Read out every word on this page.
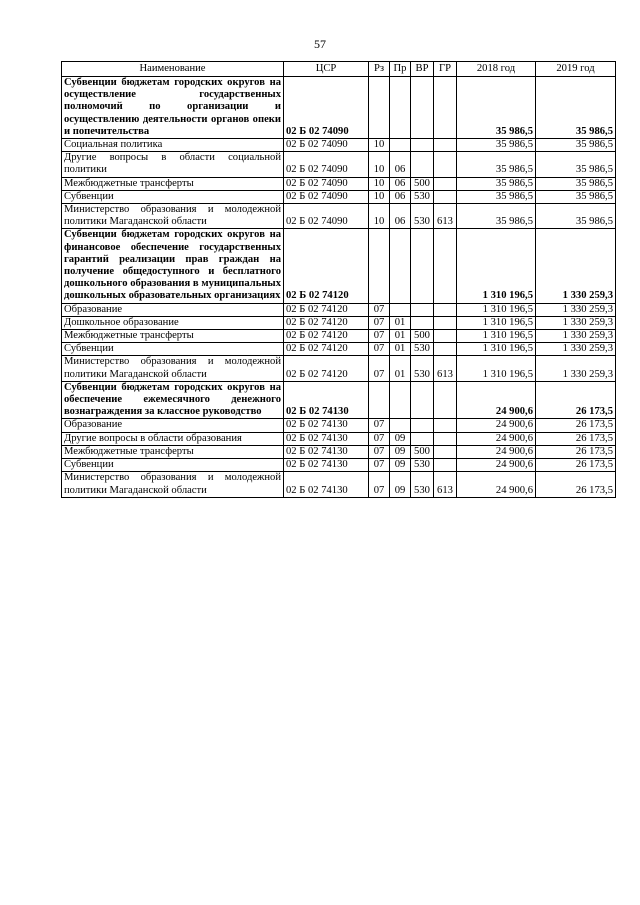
57
Наименование	ЦСР	Рз	Пр	ВР	ГР	2018 год	2019 год
Субвенции бюджетам городских округов на осуществление государственных полномочий по организации и осуществлению деятельности органов опеки и попечительства	02 Б 02 74090					35 986,5	35 986,5
Социальная политика	02 Б 02 74090	10				35 986,5	35 986,5
Другие вопросы в области социальной политики	02 Б 02 74090	10	06			35 986,5	35 986,5
Межбюджетные трансферты	02 Б 02 74090	10	06	500		35 986,5	35 986,5
Субвенции	02 Б 02 74090	10	06	530		35 986,5	35 986,5
Министерство образования и молодежной политики Магаданской области	02 Б 02 74090	10	06	530	613	35 986,5	35 986,5
Субвенции бюджетам городских округов на финансовое обеспечение государственных гарантий реализации прав граждан на получение общедоступного и бесплатного дошкольного образования в муниципальных дошкольных образовательных организациях	02 Б 02 74120					1 310 196,5	1 330 259,3
Образование	02 Б 02 74120	07				1 310 196,5	1 330 259,3
Дошкольное образование	02 Б 02 74120	07	01			1 310 196,5	1 330 259,3
Межбюджетные трансферты	02 Б 02 74120	07	01	500		1 310 196,5	1 330 259,3
Субвенции	02 Б 02 74120	07	01	530		1 310 196,5	1 330 259,3
Министерство образования и молодежной политики Магаданской области	02 Б 02 74120	07	01	530	613	1 310 196,5	1 330 259,3
Субвенции бюджетам городских округов на обеспечение ежемесячного денежного вознаграждения за классное руководство	02 Б 02 74130					24 900,6	26 173,5
Образование	02 Б 02 74130	07				24 900,6	26 173,5
Другие вопросы в области образования	02 Б 02 74130	07	09			24 900,6	26 173,5
Межбюджетные трансферты	02 Б 02 74130	07	09	500		24 900,6	26 173,5
Субвенции	02 Б 02 74130	07	09	530		24 900,6	26 173,5
Министерство образования и молодежной политики Магаданской области	02 Б 02 74130	07	09	530	613	24 900,6	26 173,5
